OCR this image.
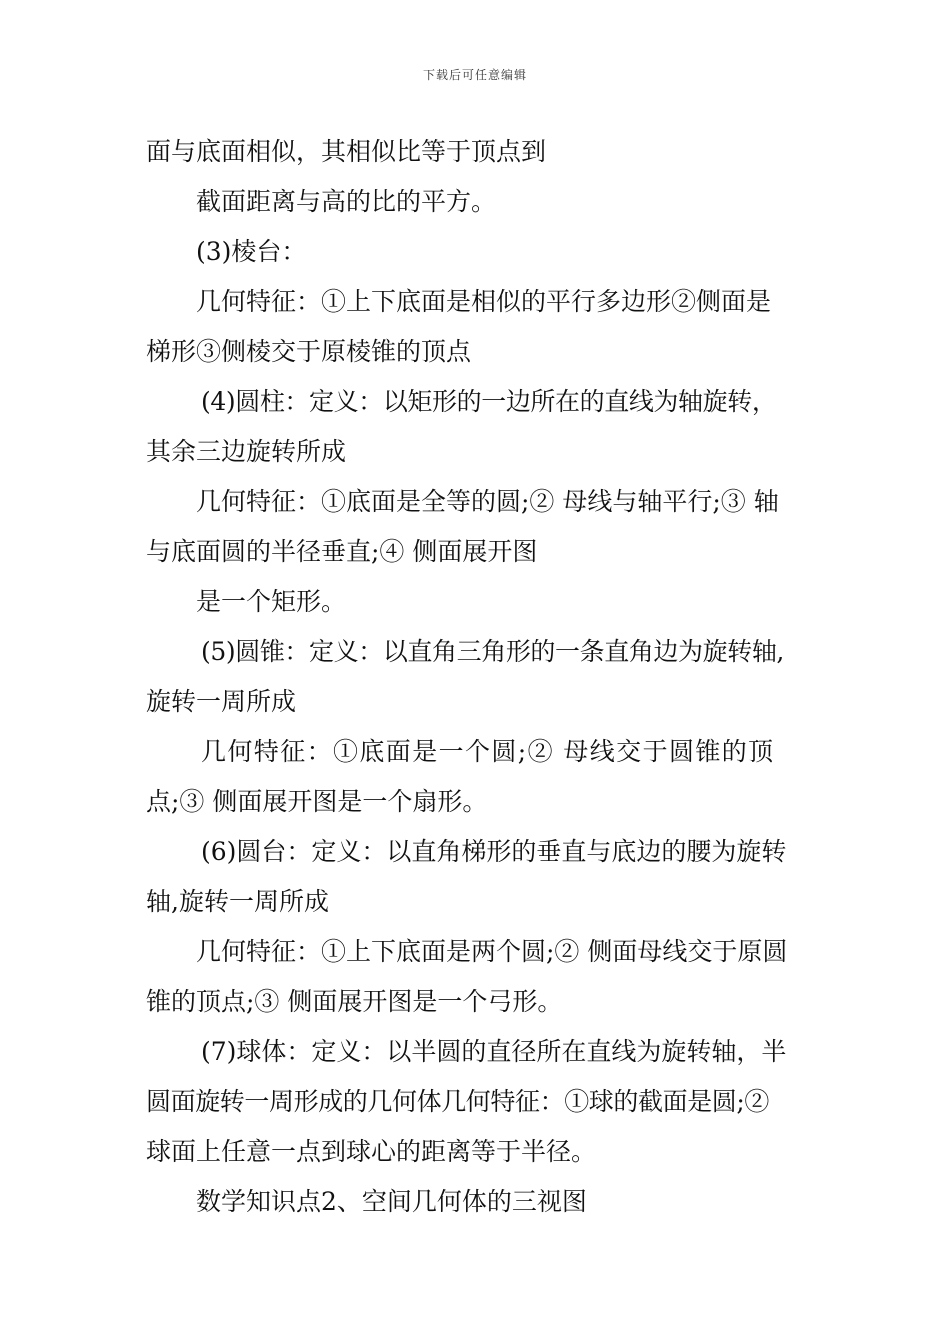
下载后可任意编辑
面与底面相似，其相似比等于顶点到
截面距离与高的比的平方。
(3)棱台：
几何特征：①上下底面是相似的平行多边形②侧面是
梯形③侧棱交于原棱锥的顶点
(4)圆柱：定义：以矩形的一边所在的直线为轴旋转，
其余三边旋转所成
几何特征：①底面是全等的圆;② 母线与轴平行;③ 轴
与底面圆的半径垂直;④ 侧面展开图
是一个矩形。
(5)圆锥：定义：以直角三角形的一条直角边为旋转轴,
旋转一周所成
几何特征：①底面是一个圆;② 母线交于圆锥的顶
点;③ 侧面展开图是一个扇形。
(6)圆台：定义：以直角梯形的垂直与底边的腰为旋转
轴,旋转一周所成
几何特征：①上下底面是两个圆;② 侧面母线交于原圆
锥的顶点;③ 侧面展开图是一个弓形。
(7)球体：定义：以半圆的直径所在直线为旋转轴，半
圆面旋转一周形成的几何体几何特征：①球的截面是圆;②
球面上任意一点到球心的距离等于半径。
数学知识点2、空间几何体的三视图
